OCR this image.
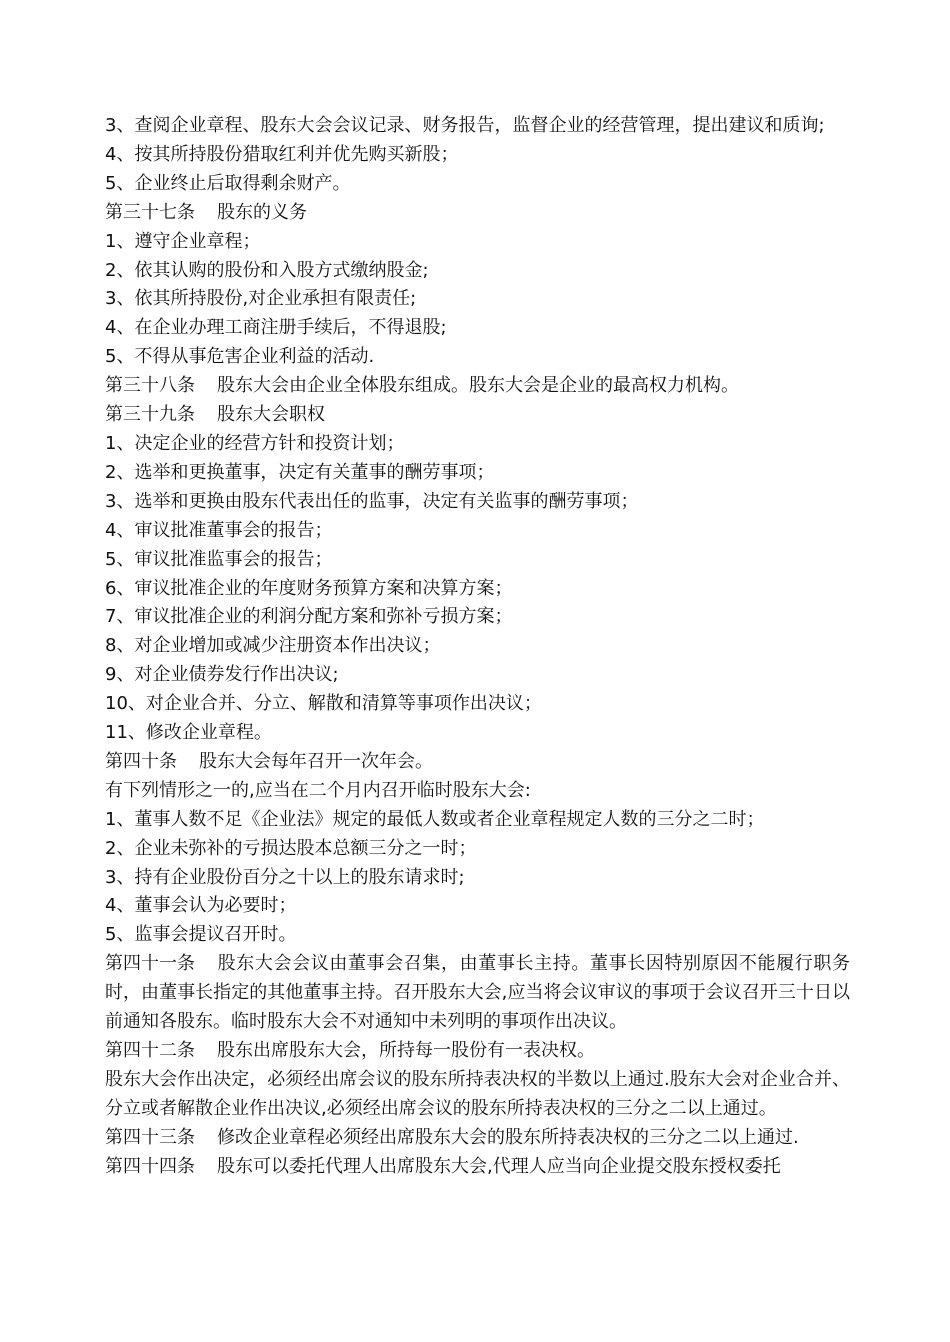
3、查阅企业章程、股东大会会议记录、财务报告，监督企业的经营管理，提出建议和质询;
4、按其所持股份猎取红利并优先购买新股；
5、企业终止后取得剩余财产。
第三十七条 股东的义务
1、遵守企业章程；
2、依其认购的股份和入股方式缴纳股金;
3、依其所持股份,对企业承担有限责任;
4、在企业办理工商注册手续后，不得退股;
5、不得从事危害企业利益的活动.
第三十八条 股东大会由企业全体股东组成。股东大会是企业的最高权力机构。
第三十九条 股东大会职权
1、决定企业的经营方针和投资计划；
2、选举和更换董事，决定有关董事的酬劳事项；
3、选举和更换由股东代表出任的监事，决定有关监事的酬劳事项；
4、审议批准董事会的报告；
5、审议批准监事会的报告；
6、审议批准企业的年度财务预算方案和决算方案；
7、审议批准企业的利润分配方案和弥补亏损方案；
8、对企业增加或减少注册资本作出决议；
9、对企业债券发行作出决议;
10、对企业合并、分立、解散和清算等事项作出决议；
11、修改企业章程。
第四十条 股东大会每年召开一次年会。
有下列情形之一的,应当在二个月内召开临时股东大会:
1、董事人数不足《企业法》规定的最低人数或者企业章程规定人数的三分之二时；
2、企业未弥补的亏损达股本总额三分之一时；
3、持有企业股份百分之十以上的股东请求时;
4、董事会认为必要时；
5、监事会提议召开时。
第四十一条 股东大会会议由董事会召集，由董事长主持。董事长因特别原因不能履行职务时，由董事长指定的其他董事主持。召开股东大会,应当将会议审议的事项于会议召开三十日以前通知各股东。临时股东大会不对通知中未列明的事项作出决议。
第四十二条 股东出席股东大会，所持每一股份有一表决权。
股东大会作出决定，必须经出席会议的股东所持表决权的半数以上通过.股东大会对企业合并、分立或者解散企业作出决议,必须经出席会议的股东所持表决权的三分之二以上通过。
第四十三条 修改企业章程必须经出席股东大会的股东所持表决权的三分之二以上通过.
第四十四条 股东可以委托代理人出席股东大会,代理人应当向企业提交股东授权委托
